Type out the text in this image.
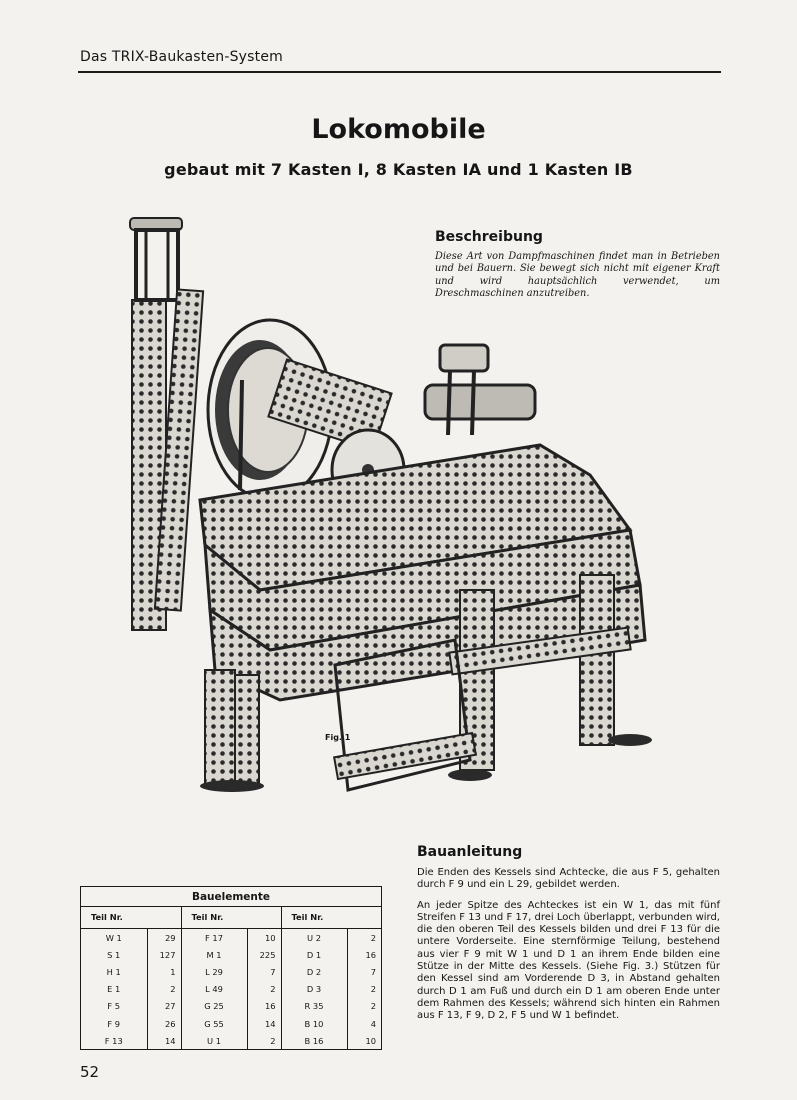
Das TRIX-Baukasten-System
Lokomobile
gebaut mit 7 Kasten I, 8 Kasten IA und 1 Kasten IB
Beschreibung

Diese Art von Dampfmaschinen findet man in Betrieben und bei Bauern. Sie bewegt sich nicht mit eigener Kraft und wird hauptsächlich verwendet, um Dreschmaschinen anzutreiben.

Fig. 1
Bauanleitung

Die Enden des Kessels sind Achtecke, die aus F 5, gehalten durch F 9 und ein L 29, gebildet werden.

An jeder Spitze des Achteckes ist ein W 1, das mit fünf Streifen F 13 und F 17, drei Loch überlappt, verbunden wird, die den oberen Teil des Kessels bilden und drei F 13 für die untere Vorderseite. Eine sternförmige Teilung, bestehend aus vier F 9 mit W 1 und D 1 an ihrem Ende bilden eine Stütze in der Mitte des Kessels. (Siehe Fig. 3.) Stützen für den Kessel sind am Vorderende D 3, in Abstand gehalten durch D 1 am Fuß und durch ein D 1 am oberen Ende unter dem Rahmen des Kessels; während sich hinten ein Rahmen aus F 13, F 9, D 2, F 5 und W 1 befindet.

Bauelemente
Teil Nr.		Teil Nr.		Teil Nr.	
W 1	29	F 17	10	U 2	2
S 1	127	M 1	225	D 1	16
H 1	1	L 29	7	D 2	7
E 1	2	L 49	2	D 3	2
F 5	27	G 25	16	R 35	2
F 9	26	G 55	14	B 10	4
F 13	14	U 1	2	B 16	10
52
